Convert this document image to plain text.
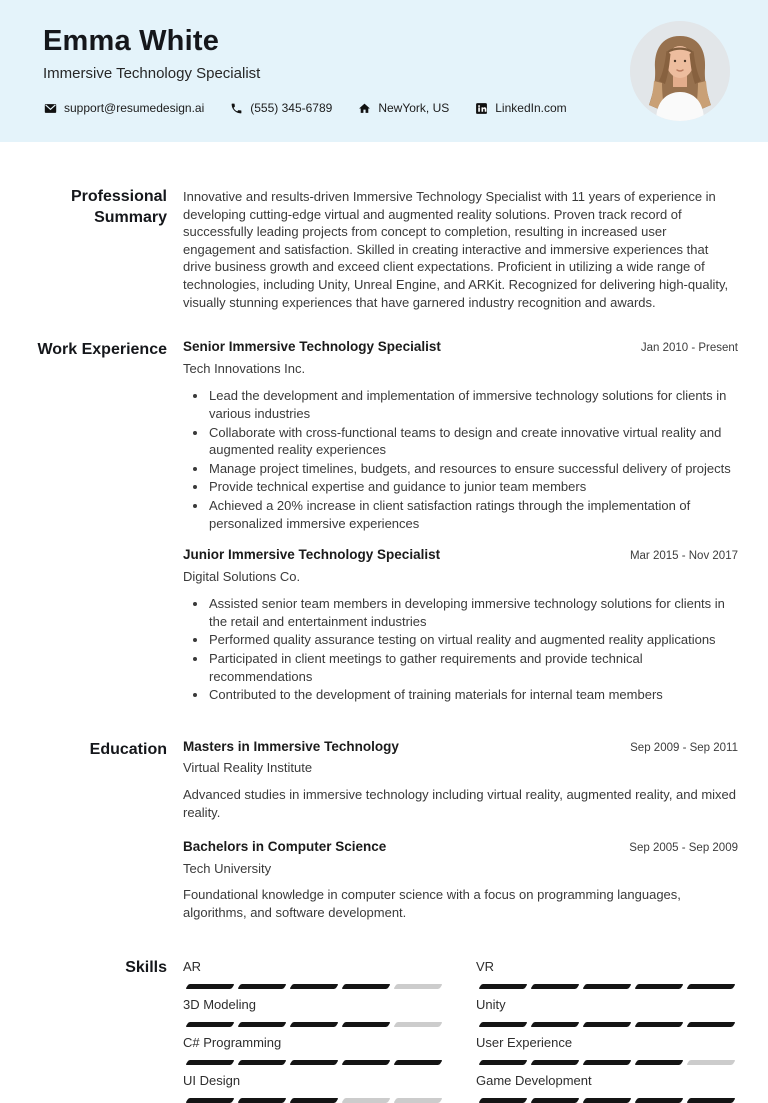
Emma White
Immersive Technology Specialist
support@resumedesign.ai	(555) 345-6789	NewYork, US	LinkedIn.com
Professional Summary

Innovative and results-driven Immersive Technology Specialist with 11 years of experience in developing cutting-edge virtual and augmented reality solutions. Proven track record of successfully leading projects from concept to completion, resulting in increased user engagement and satisfaction. Skilled in creating interactive and immersive experiences that drive business growth and exceed client expectations. Proficient in utilizing a wide range of technologies, including Unity, Unreal Engine, and ARKit. Recognized for delivering high-quality, visually stunning experiences that have garnered industry recognition and awards.

Work Experience Senior Immersive Technology Specialist	Jan 2010 - Present
Tech Innovations Inc.
• Lead the development and implementation of immersive technology solutions for clients in various industries
• Collaborate with cross-functional teams to design and create innovative virtual reality and augmented reality experiences
• Manage project timelines, budgets, and resources to ensure successful delivery of projects
• Provide technical expertise and guidance to junior team members
• Achieved a 20% increase in client satisfaction ratings through the implementation of personalized immersive experiences
Junior Immersive Technology Specialist	Mar 2015 - Nov 2017
Digital Solutions Co.
• Assisted senior team members in developing immersive technology solutions for clients in the retail and entertainment industries
• Performed quality assurance testing on virtual reality and augmented reality applications
• Participated in client meetings to gather requirements and provide technical recommendations
• Contributed to the development of training materials for internal team members
Education Masters in Immersive Technology	Sep 2009 - Sep 2011
Virtual Reality Institute

Advanced studies in immersive technology including virtual reality, augmented reality, and mixed reality.

Bachelors in Computer Science	Sep 2005 - Sep 2009
Tech University

Foundational knowledge in computer science with a focus on programming languages, algorithms, and software development.

Skills AR	VR
3D Modeling	Unity
C# Programming	User Experience
UI Design	Game Development
